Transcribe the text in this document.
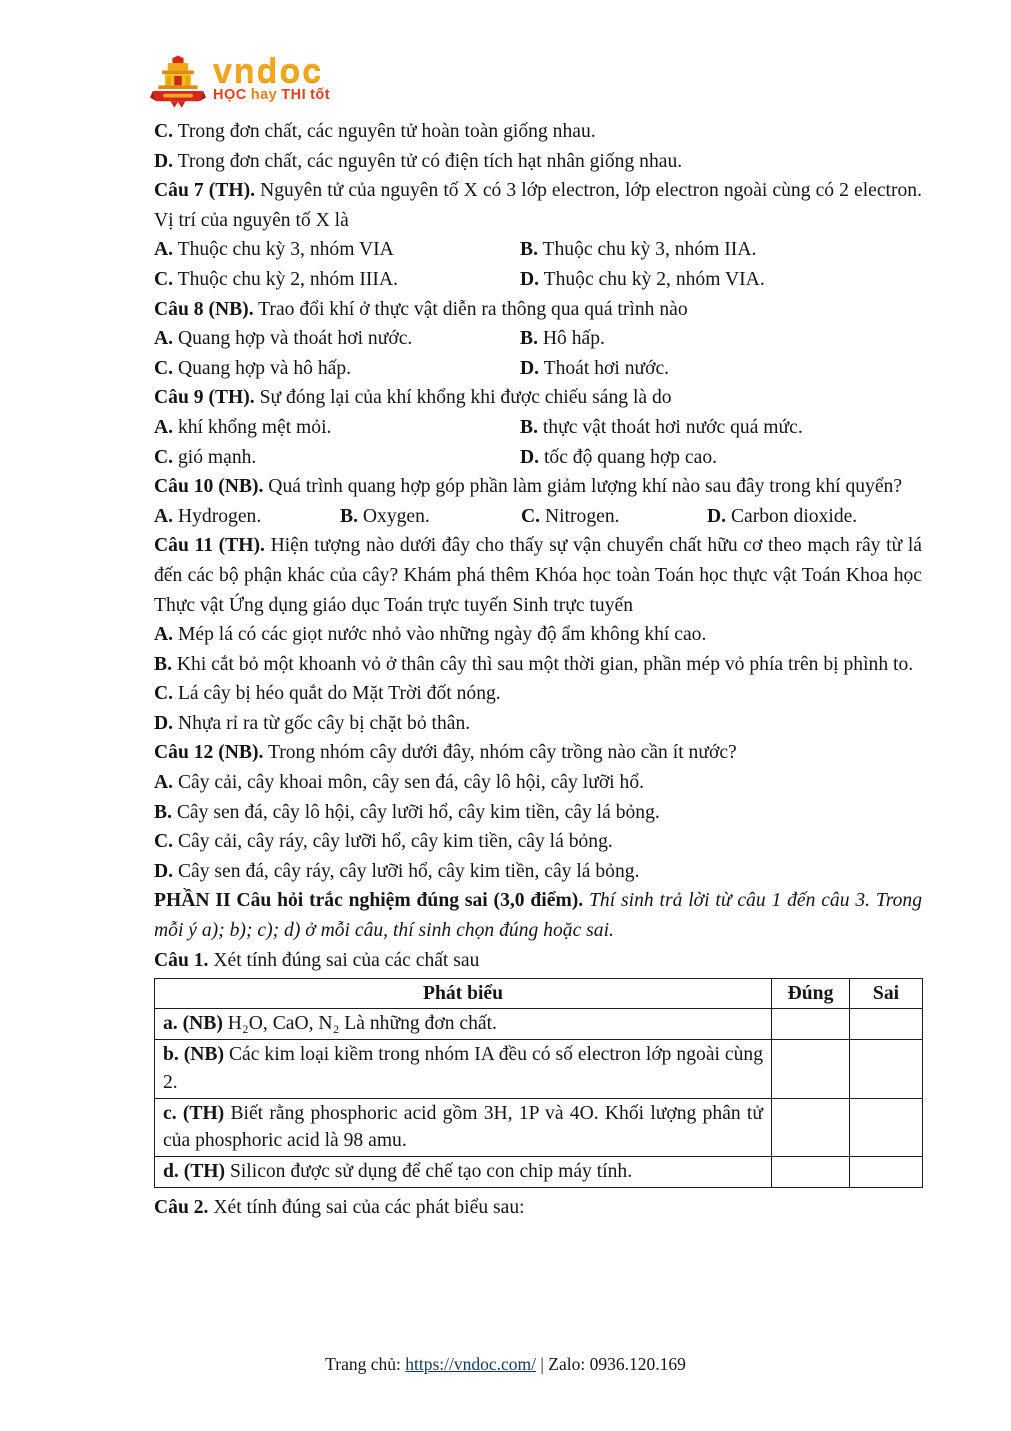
vndoc
HỌC hay THI tốt

C. Trong đơn chất, các nguyên tử hoàn toàn giống nhau.

D. Trong đơn chất, các nguyên tử có điện tích hạt nhân giống nhau.

Câu 7 (TH). Nguyên tử của nguyên tố X có 3 lớp electron, lớp electron ngoài cùng có 2 electron. Vị trí của nguyên tố X là

A. Thuộc chu kỳ 3, nhóm VIA	B. Thuộc chu kỳ 3, nhóm IIA.

C. Thuộc chu kỳ 2, nhóm IIIA.	D. Thuộc chu kỳ 2, nhóm VIA.

Câu 8 (NB). Trao đổi khí ở thực vật diễn ra thông qua quá trình nào

A. Quang hợp và thoát hơi nước.	B. Hô hấp.

C. Quang hợp và hô hấp.	D. Thoát hơi nước.

Câu 9 (TH). Sự đóng lại của khí khổng khi được chiếu sáng là do

A. khí khổng mệt mỏi.	B. thực vật thoát hơi nước quá mức.

C. gió mạnh.	D. tốc độ quang hợp cao.

Câu 10 (NB). Quá trình quang hợp góp phần làm giảm lượng khí nào sau đây trong khí quyển?

A. Hydrogen.	B. Oxygen.	C. Nitrogen.	D. Carbon dioxide.

Câu 11 (TH). Hiện tượng nào dưới đây cho thấy sự vận chuyển chất hữu cơ theo mạch rây từ lá đến các bộ phận khác của cây? Khám phá thêm Khóa học toàn Toán học thực vật Toán Khoa học Thực vật Ứng dụng giáo dục Toán trực tuyến Sinh trực tuyến

A. Mép lá có các giọt nước nhỏ vào những ngày độ ẩm không khí cao.

B. Khi cắt bỏ một khoanh vỏ ở thân cây thì sau một thời gian, phần mép vỏ phía trên bị phình to.

C. Lá cây bị héo quắt do Mặt Trời đốt nóng.

D. Nhựa rỉ ra từ gốc cây bị chặt bỏ thân.

Câu 12 (NB). Trong nhóm cây dưới đây, nhóm cây trồng nào cần ít nước?

A. Cây cải, cây khoai môn, cây sen đá, cây lô hội, cây lưỡi hổ.

B. Cây sen đá, cây lô hội, cây lưỡi hổ, cây kim tiền, cây lá bỏng.

C. Cây cải, cây ráy, cây lưỡi hổ, cây kim tiền, cây lá bỏng.

D. Cây sen đá, cây ráy, cây lưỡi hổ, cây kim tiền, cây lá bỏng.

PHẦN II Câu hỏi trắc nghiệm đúng sai (3,0 điểm). Thí sinh trả lời từ câu 1 đến câu 3. Trong mỗi ý a); b); c); d) ở mỗi câu, thí sinh chọn đúng hoặc sai.

Câu 1. Xét tính đúng sai của các chất sau

Phát biểu	Đúng	Sai
a. (NB) H₂O, CaO, N₂ Là những đơn chất.		
b. (NB) Các kim loại kiềm trong nhóm IA đều có số electron lớp ngoài cùng 2.		
c. (TH) Biết rằng phosphoric acid gồm 3H, 1P và 4O. Khối lượng phân tử của phosphoric acid là 98 amu.		
d. (TH) Silicon được sử dụng để chế tạo con chip máy tính.		

Câu 2. Xét tính đúng sai của các phát biểu sau:

Trang chủ: https://vndoc.com/ | Zalo: 0936.120.169
